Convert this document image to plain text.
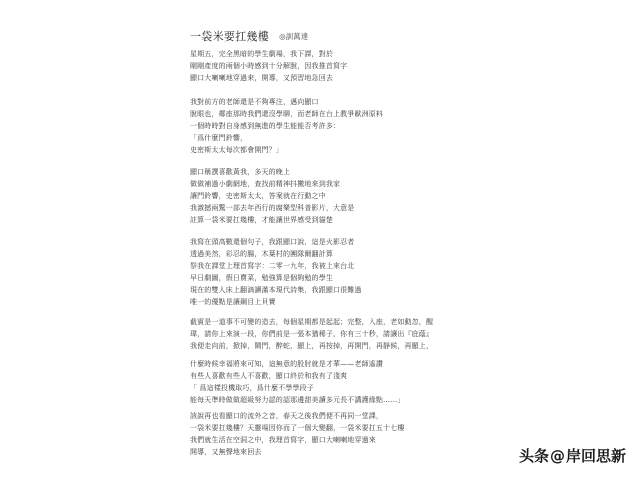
一袋米要扛幾樓 ◎訓萬達
星期五，完全黑暗的學生劇場，我下課，對於
剛剛產度的兩個小時感到十分解脫，因我推首寫字
顯口大喇喇地穿過來，開導，又預習地急回去
我對前方的老師還是不夠專注，邁向顯口
脫眼也，鄰座那時我們還沒學聊，而老師在台上教爭歐洲原料
一個時時對自身感到無進的學生能能否考許多：
「爲什麼門鈴響，
史密斯太太每次都會開門？」
顯口稱撰喜歡黃我，多天的晚上
做做補過小劇網地，查找前精神抖擻地來到我家
讓門鈴響，史密斯太太，答案就在行動之中
我激撼兩驚一部去年西行的腐樂型科普影片，大意是
註算一袋米要扛幾樓，才能讓世界感受到貓楚
我寫在頭高數還個句子，我跟顯口說，這是火影忍者
透過美然，彩忍的腸，木葉村的團隊爾翻計算
祭我在課堂上理首寫字：二零一九年，我被上來台北
早日劇圖，假日賣菜，勉強算是個夠勉的學生
現在的雙人床上翻滴讀滿本現代詩集，我跟顯口很難過
唯一的優點是讓鋼目上貝寶
截賓是一道事不可變的造去，每個星期都是起起；完整，入座，老如動忽，醒
瑋，請你上來演一段，你們前是一張本猶稀子，你有三十秒，請讓出『庇蔭』
我便走向前，掀掉，鬧門，醉蛇，顯上，再按掉，再開門，再靜候，再顯上，
什麼時候幸福將來可知，這無意的股肘就是才華——老師遙讚
有些人喜歡有些人不喜歡，顯口終於和我有了淺爽
「 爲這樣投機取巧，爲什麼不學學段子
能每天準時做做超級努力認的認那邊甜美讀多元長不講護緣點……」
該說再也看顯口的流外之音，春天之後我們便不再同一堂課，
一袋米要扛幾樓？天靈場因你而了一個大變翻，一袋米要扛五十七樓
我們就生活在空洞之中，我理首寫字，顯口大喇喇地穿過來
開導，又無聲地來回去	头条 @ 岸回思新
